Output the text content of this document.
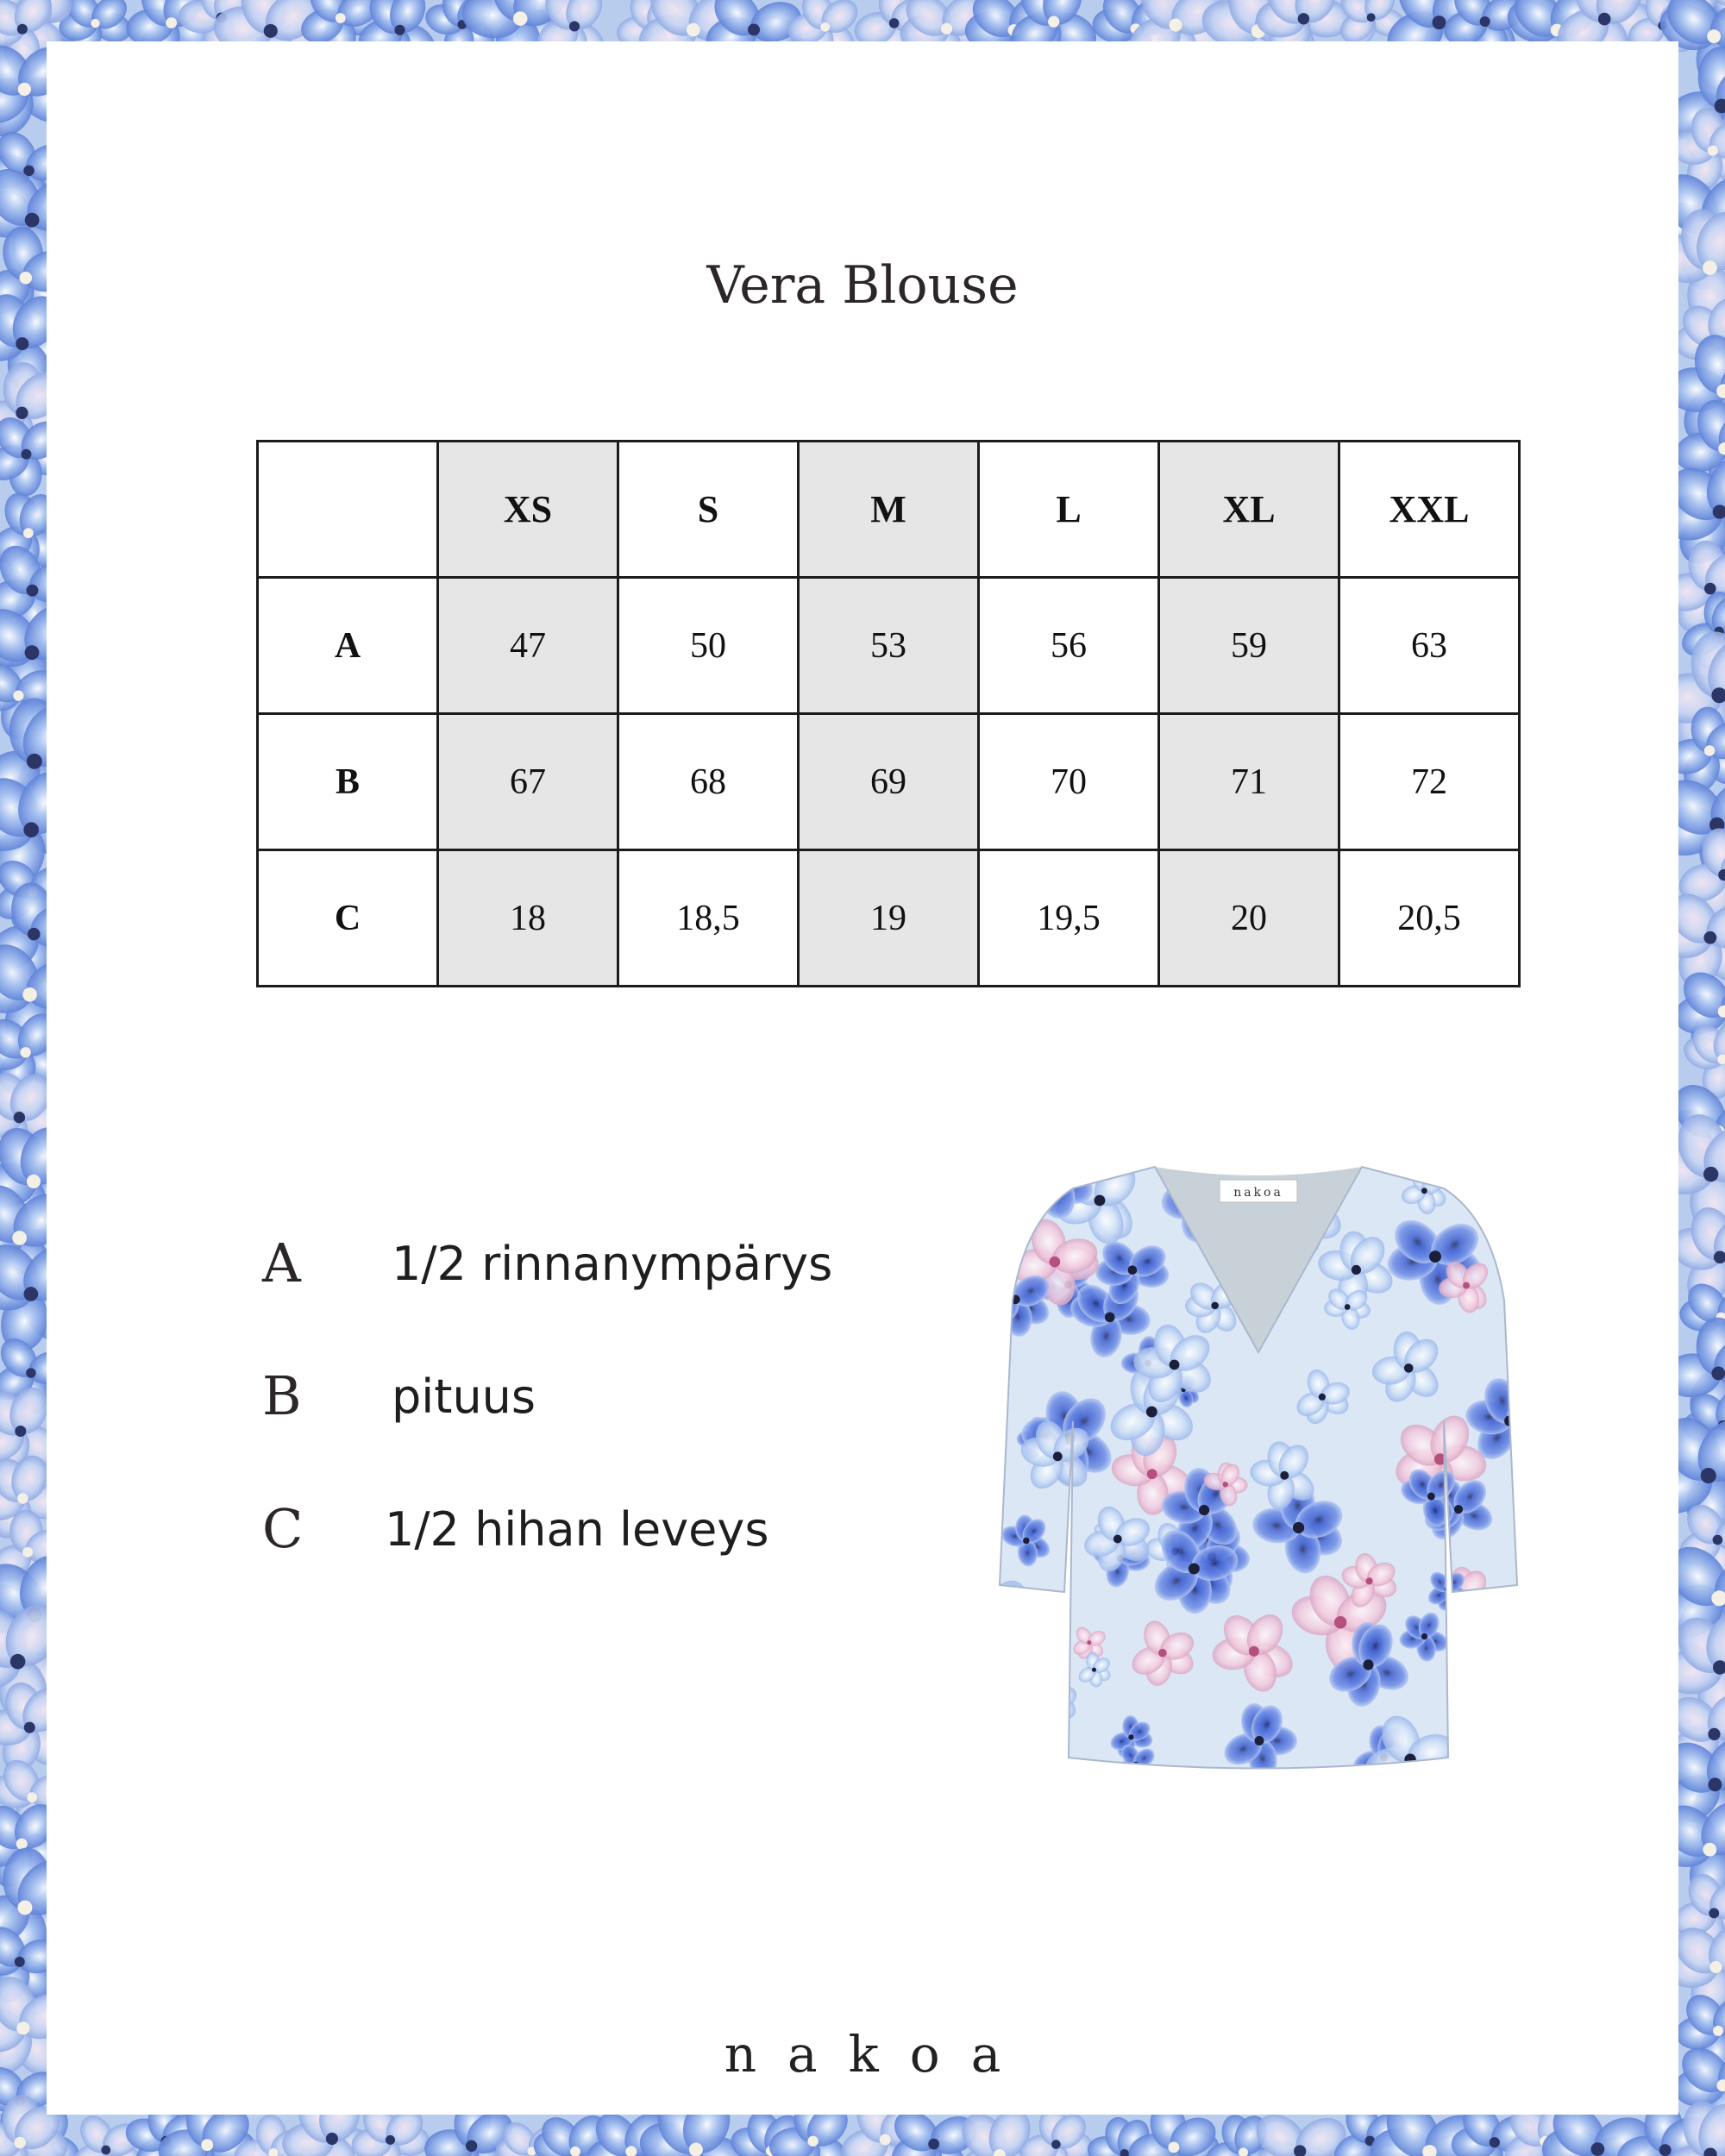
Vera Blouse
	XS	S	M	L	XL	XXL
A	47	50	53	56	59	63
B	67	68	69	70	71	72
C	18	18,5	19	19,5	20	20,5
A 1/2 rinnanympärys
B pituus
C 1/2 hihan leveys
nakoa
nakoa
